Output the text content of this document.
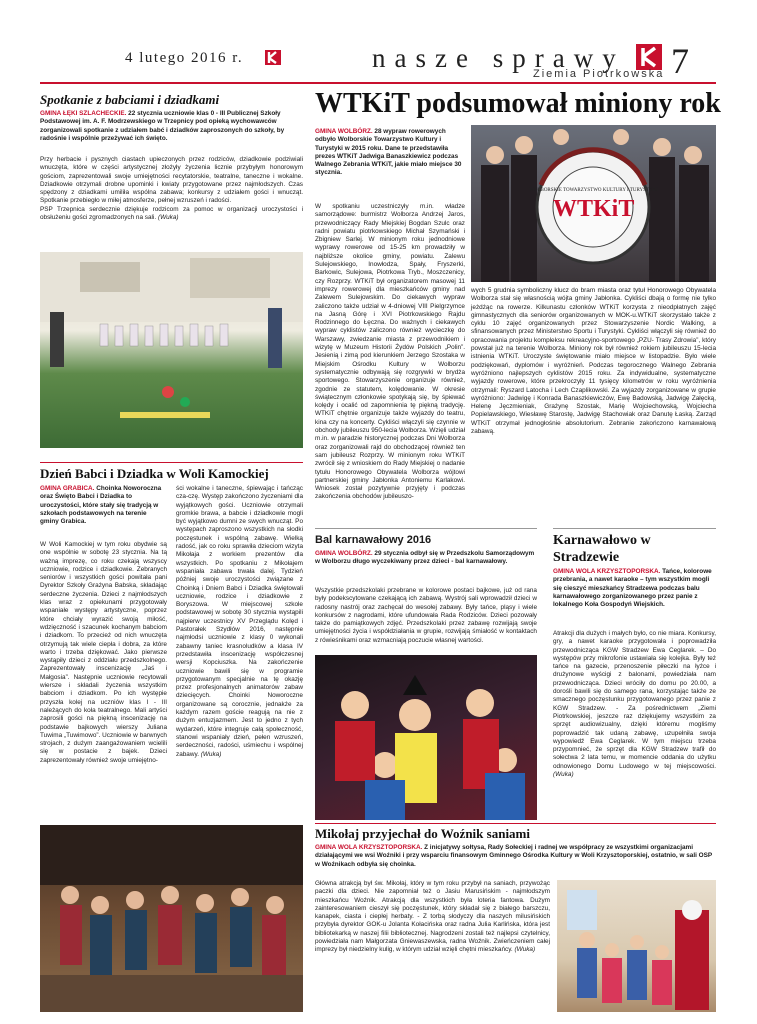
4 lutego 2016 r.	nasze sprawy 7
Ziemia Piotrkowska
Spotkanie z babciami i dziadkami
GMINA ŁĘKI SZLACHECKIE. 22 stycznia uczniowie klas 0 - III Publicznej Szkoły Podstawowej im. A. F. Modrzewskiego w Trzepnicy pod opieką wychowawców zorganizowali spotkanie z udziałem babć i dziadków zaproszonych do szkoły, by radośnie i wspólnie przeżywać ich święto.

Przy herbacie i pysznych ciastach upieczonych przez rodziców, dziadkowie podziwiali wnuczęta, które w części artystycznej złożyły życzenia licznie przybyłym honorowym gościom, zaprezentowali swoje umiejętności recytatorskie, teatralne, taneczne i wokalne. Dziadkowie otrzymali drobne upominki i kwiaty przygotowane przez najmłodszych. Czas spędzony z dziadkami umiliła wspólna zabawa; konkursy z udziałem gości i wnucząt. Spotkanie przebiegło w miłej atmosferze, pełnej wzruszeń i radości.

PSP Trzepnica serdecznie dziękuje rodzicom za pomoc w organizacji uroczystości i obsłużeniu gości zgromadzonych na sali. (Wuka)

WTKiT podsumował miniony rok
GMINA WOLBÓRZ. 28 wypraw rowerowych odbyło Wolborskie Towarzystwo Kultury i Turystyki w 2015 roku. Dane te przedstawiła prezes WTKiT Jadwiga Banaszkiewicz podczas Walnego Zebrania WTKiT, jakie miało miejsce 30 stycznia.
W spotkaniu uczestniczyły m.in. władze samorządowe: burmistrz Wolborza Andrzej Jaros, przewodniczący Rady Miejskiej Bogdan Szulc oraz radni powiatu piotrkowskiego Michał Szymański i Zbigniew Sarlej. W minionym roku jednodniowe wyprawy rowerowe od 15-25 km prowadziły w najbliższe okolice gminy, powiatu. Zalewu Sulejowskiego, Inowłodza, Spały, Fryszerki, Barkowic, Sulejowa, Piotrkowa Tryb., Moszczenicy, czy Rozprzy. WTKiT był organizatorem masowej 11 imprezy rowerowej dla mieszkańców gminy nad Zalewem Sulejowskim. Do ciekawych wypraw zaliczono także udział w 4-dniowej VIII Pielgrzymce na Jasną Górę i XVI Piotrkowskiego Rajdu Rodzinnego do Łęczna. Do ważnych i ciekawych wypraw cyklistów zaliczono również wycieczkę do Warszawy, zwiedzanie miasta z przewodnikiem i wizytę w Muzeum Historii Żydów Polskich „Polin”. Jesienią i zimą pod kierunkiem Jerzego Szostaka w Miejskim Ośrodku Kultury w Wolborzu systematycznie odbywają się rozgrywki w brydża sportowego. Stowarzyszenie organizuje również, zgodnie ze statutem, kolędowanie. W okresie świątecznym członkowie spotykają się, by śpiewać kolędy i ocalić od zapomnienia tę piękną tradycję. WTKiT chętnie organizuje także wyjazdy do teatru, kina czy na koncerty. Cykliści włączyli się czynnie w obchody jubileuszu 950-lecia Wolborza. Wzięli udział m.in. w paradzie historycznej podczas Dni Wolborza oraz zorganizowali rajd do obchodzącej również ten sam jubileusz Rozprzy. W minionym roku WTKiT zwrócił się z wnioskiem do Rady Miejskiej o nadanie tytułu Honorowego Obywatela Wolborza wójtowi partnerskiej gminy Jabłonka Antoniemu Karlakowi. Wniosek został pozytywnie przyjęty i podczas zakończenia obchodów jubileuszo-
WOLBORSKIE TOWARZYSTWO KULTURY I TURYSTYKI
WTKiT
wych 5 grudnia symboliczny klucz do bram miasta oraz tytuł Honorowego Obywatela Wolborza stał się własnością wójta gminy Jabłonka. Cykliści dbają o formę nie tylko jeżdżąc na rowerze. Kilkunastu członków WTKiT korzysta z nieodpłatnych zajęć gimnastycznych dla seniorów organizowanych w MOK-u.WTKiT skorzystało także z cyklu 10 zajęć organizowanych przez Stowarzyszenie Nordic Walking, a sfinansowanych przez Ministerstwo Sportu i Turystyki. Cykliści włączyli się również do opracowania projektu kompleksu rekreacyjno-sportowego „PZU- Trasy Zdrowia”, który powstał już na terenie Wolborza. Miniony rok był również rokiem jubileuszu 15-lecia istnienia WTKiT. Uroczyste świętowanie miało miejsce w listopadzie. Było wiele podziękowań, dyplomów i wyróżnień. Podczas tegorocznego Walnego Zebrania wyróżniono najlepszych cyklistów 2015 roku. Za indywidualne, systematyczne wyjazdy rowerowe, które przekroczyły 11 tysięcy kilometrów w roku wyróżnienia otrzymali: Ryszard Latocha i Lech Czaplikowski. Za wyjazdy zorganizowane w grupie wyróżniono: Jadwigę i Konrada Banaszkiewiczów, Ewę Badowską, Jadwigę Załęcką, Helenę Jęczmieniak, Grażynę Szostak, Marię Wojciechowską, Wojciecha Popielawskiego, Wiesławę Starostę, Jadwigę Stachowiak oraz Danutę Łaską. Zarząd WTKiT otrzymał jednogłośnie absolutorium. Zebranie zakończono karnawałową zabawą.
Dzień Babci i Dziadka w Woli Kamockiej
GMINA GRABICA. Choinka Noworoczna oraz Święto Babci i Dziadka to uroczystości, które stały się tradycją w szkołach podstawowych na terenie gminy Grabica.
W Woli Kamockiej w tym roku obydwie są one wspólnie w sobotę 23 stycznia. Na tą ważną imprezę, co roku czekają wszyscy uczniowie, rodzice i dziadkowie. Zebranych seniorów i wszystkich gości powitała pani Dyrektor Szkoły Grażyna Babska, składając serdeczne życzenia. Dzieci z najmłodszych klas wraz z opiekunami przygotowały wspaniałe występy artystyczne, poprzez które chciały wyrazić swoją miłość, wdzięczność i szacunek kochanym babciom i dziadkom. To przecież od nich wnuczęta otrzymują tak wiele ciepła i dobra, za które warto i trzeba dziękować. Jako pierwsze wystąpiły dzieci z oddziału przedszkolnego. Zaprezentowały inscenizację „Jaś i Małgosia”. Następnie uczniowie recytowali wiersze i składali życzenia wszystkim babciom i dziadkom. Po ich występie przyszła kolej na uczniów klas I - III należących do koła teatralnego. Mali artyści zaprosili gości na piękną inscenizację na podstawie bajkowych wierszy Juliana Tuwima „Tuwimowo”. Uczniowie w barwnych strojach, z dużym zaangażowaniem wcielili się w postacie z bajek. Dzieci zaprezentowały również swoje umiejętno-
ści wokalne i taneczne, śpiewając i tańcząc cza-czę. Występ zakończono życzeniami dla wyjątkowych gości. Uczniowie otrzymali gromkie brawa, a babcie i dziadkowie mogli być wyjątkowo dumni ze swych wnucząt. Po występach zaproszono wszystkich na słodki poczęstunek i wspólną zabawę. Wielką radość, jak co roku sprawiła dzieciom wizyta Mikołaja z workiem prezentów dla wszystkich. Po spotkaniu z Mikołajem wspaniała zabawa trwała dalej. Tydzień później swoje uroczystości związane z Choinką i Dniem Babci i Dziadka świętowali uczniowie, rodzice i dziadkowie z Boryszowa. W miejscowej szkole podstawowej w sobotę 30 stycznia wystąpili najpierw uczestnicy XV Przeglądu Kolęd i Pastorałek Szydłów 2016, następnie najmłodsi uczniowie z klasy 0 wykonali zabawny taniec krasnoludków a klasa IV przedstawiła inscenizację współczesnej wersji Kopciuszka. Na zakończenie uczniowie bawili się w programie przygotowanym specjalnie na tę okazję przez profesjonalnych animatorów zabaw dziecięcych. Choinki Noworoczne organizowane są corocznie, jednakże za każdym razem goście reagują na nie z dużym entuzjazmem. Jest to jedno z tych wydarzeń, które integruje całą społeczność, stanowi wspaniały dzień, pełen wzruszeń, serdeczności, radości, uśmiechu i wspólnej zabawy. (Wuka)
Bal karnawałowy 2016
GMINA WOLBÓRZ. 29 stycznia odbył się w Przedszkolu Samorządowym w Wolborzu długo wyczekiwany przez dzieci - bal karnawałowy.
Wszystkie przedszkolaki przebrane w kolorowe postaci bajkowe, już od rana były podekscytowane czekającą ich zabawą. Wystrój sali wprowadził dzieci w radosny nastrój oraz zachęcał do wesołej zabawy. Były tańce, pląsy i wiele konkursów z nagrodami, które ufundowała Rada Rodziców. Dzieci pozowały także do pamiątkowych zdjęć. Przedszkolaki przez zabawę rozwijają swoje umiejętności życia i współdziałania w grupie, rozwijają śmiałość w kontaktach z rówieśnikami oraz wzmacniają poczucie własnej wartości.
Karnawałowo w Stradzewie
GMINA WOLA KRZYSZTOPORSKA. Tańce, kolorowe przebrania, a nawet karaoke – tym wszystkim mogli się cieszyć mieszkańcy Stradzewa podczas balu karnawałowego zorganizowanego przez panie z lokalnego Koła Gospodyń Wiejskich.
Atrakcji dla dużych i małych było, co nie miara. Konkursy, gry, a nawet karaoke przygotowała i poprowadziła przewodnicząca KGW Stradzew Ewa Ceglarek. – Do występów przy mikrofonie ustawiała się kolejka. Były też tańce na gazecie, przenoszenie piłeczki na łyżce i drużynowe wyścigi z balonami, powiedziała nam przewodnicząca. Dzieci wróciły do domu po 20.00, a dorośli bawili się do samego rana, korzystając także ze smacznego poczęstunku przygotowanego przez panie z KGW Stradzew. - Za pośrednictwem „Ziemi Piotrkowskiej, jeszcze raz dziękujemy wszystkim za sprzęt audiowizualny, dzięki któremu mogliśmy poprowadzić tak udaną zabawę, uzupełniła swoja wypowiedź Ewa Ceglarek. W tym miejscu trzeba przypomnieć, że sprzęt dla KGW Stradzew trafił do sołectwa 2 lata temu, w momencie oddania do użytku odnowionego Domu Ludowego w tej miejscowości. (Wuka)
Mikołaj przyjechał do Woźnik saniami
GMINA WOLA KRZYSZTOPORSKA. Z inicjatywy sołtysa, Rady Sołeckiej i radnej we współpracy ze wszystkimi organizacjami działającymi we wsi Woźniki i przy wsparciu finansowym Gminnego Ośrodka Kultury w Woli Krzysztoporskiej, ostatnio, w sali OSP w Woźnikach odbyła się choinka.
Główna atrakcją był św. Mikołaj, który w tym roku przybył na saniach, przywożąc paczki dla dzieci. Nie zapomniał też o Jasiu Marusińskim - najmłodszym mieszkańcu Woźnik. Atrakcją dla wszystkich była loteria fantowa. Dużym zainteresowaniem cieszył się poczęstunek, który składał się z białego barszczu, kanapek, ciasta i ciepłej herbaty. - Z torbą słodyczy dla naszych milusińskich przybyła dyrektor GOK-u Jolanta Kołacińska oraz radna Julia Karlińska, która jest bibliotekarką w naszej filii bibliotecznej. Nagrodzeni zostali też najlepsi czytelnicy, powiedziała nam Małgorzata Gniewaszewska, radna Woźnik. Zwieńczeniem całej imprezy był niedzielny kulig, w którym udział wzięli chętni mieszkańcy. (Wuka)
